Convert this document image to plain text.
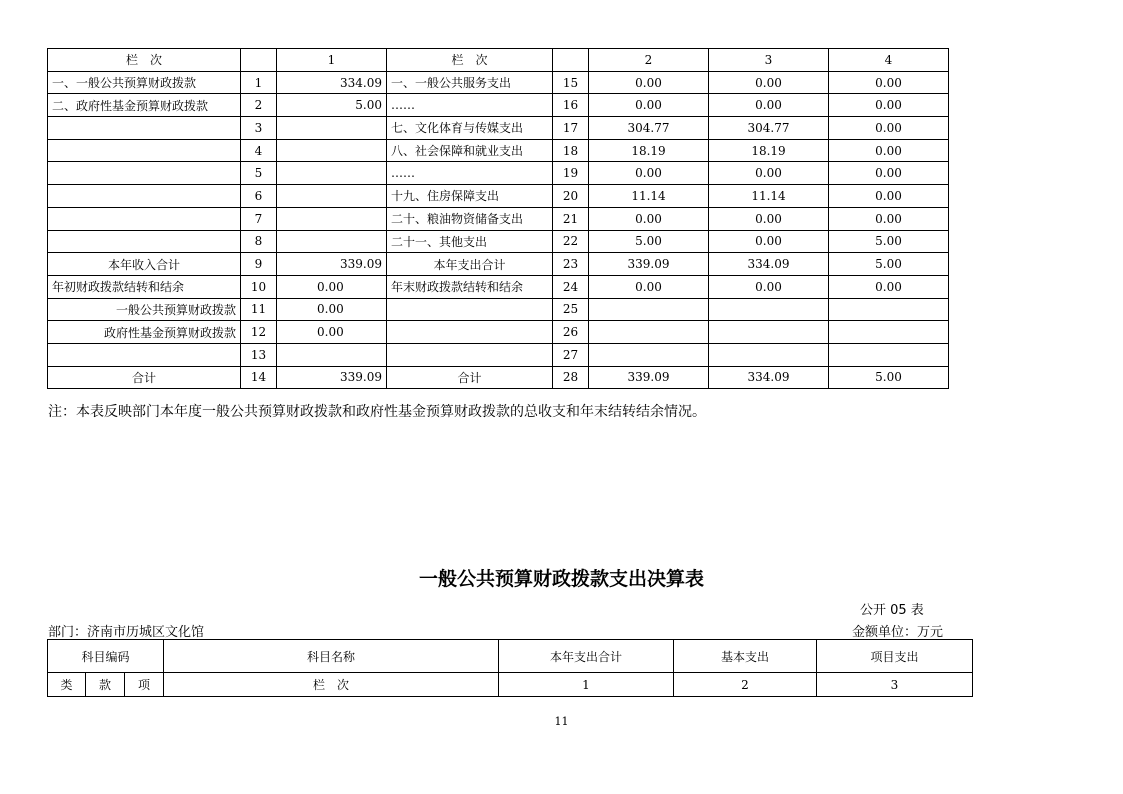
栏　次		1	栏　次		2	3	4
一、一般公共预算财政拨款	1	334.09	一、一般公共服务支出	15	0.00	0.00	0.00
二、政府性基金预算财政拨款	2	5.00	……	16	0.00	0.00	0.00
	3		七、文化体育与传媒支出	17	304.77	304.77	0.00
	4		八、社会保障和就业支出	18	18.19	18.19	0.00
	5		……	19	0.00	0.00	0.00
	6		十九、住房保障支出	20	11.14	11.14	0.00
	7		二十、粮油物资储备支出	21	0.00	0.00	0.00
	8		二十一、其他支出	22	5.00	0.00	5.00
本年收入合计	9	339.09	本年支出合计	23	339.09	334.09	5.00
年初财政拨款结转和结余	10	0.00	年末财政拨款结转和结余	24	0.00	0.00	0.00
一般公共预算财政拨款	11	0.00		25			
政府性基金预算财政拨款	12	0.00		26			
	13			27			
合计	14	339.09	合计	28	339.09	334.09	5.00
注：本表反映部门本年度一般公共预算财政拨款和政府性基金预算财政拨款的总收支和年末结转结余情况。
一般公共预算财政拨款支出决算表
公开 05 表
部门：济南市历城区文化馆	金额单位：万元
科目编码			科目名称	本年支出合计	基本支出	项目支出
类	款	项	栏　次	1	2	3
11
